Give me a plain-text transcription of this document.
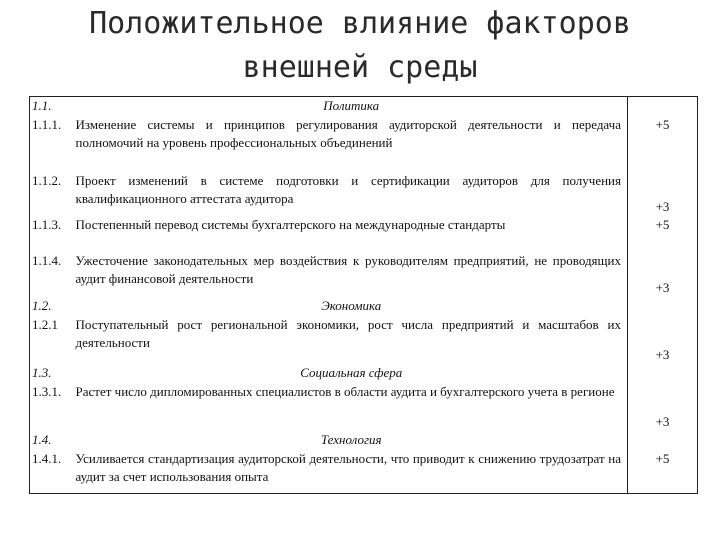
Положительное влияние факторов
внешней среды
1.1.	Политика	
1.1.1.	Изменение системы и принципов регулирования аудиторской деятельности и передача полномочий на уровень профессиональных объединений	+5
1.1.2.	Проект изменений в системе подготовки и сертификации аудиторов для получения квалификационного аттестата аудитора	+3
1.1.3.	Постепенный перевод системы бухгалтерского на международные стандарты	+5
1.1.4.	Ужесточение законодательных мер воздействия к руководителям предприятий, не проводящих аудит финансовой деятельности	+3
1.2.	Экономика	
1.2.1	Поступательный рост региональной экономики, рост числа предприятий и масштабов их деятельности	+3
1.3.	Социальная сфера	
1.3.1.	Растет число дипломированных специалистов в области аудита и бухгалтерского учета в регионе	+3
1.4.	Технология	
1.4.1.	Усиливается стандартизация аудиторской деятельности, что приводит к снижению трудозатрат на аудит за счет использования опыта	+5
